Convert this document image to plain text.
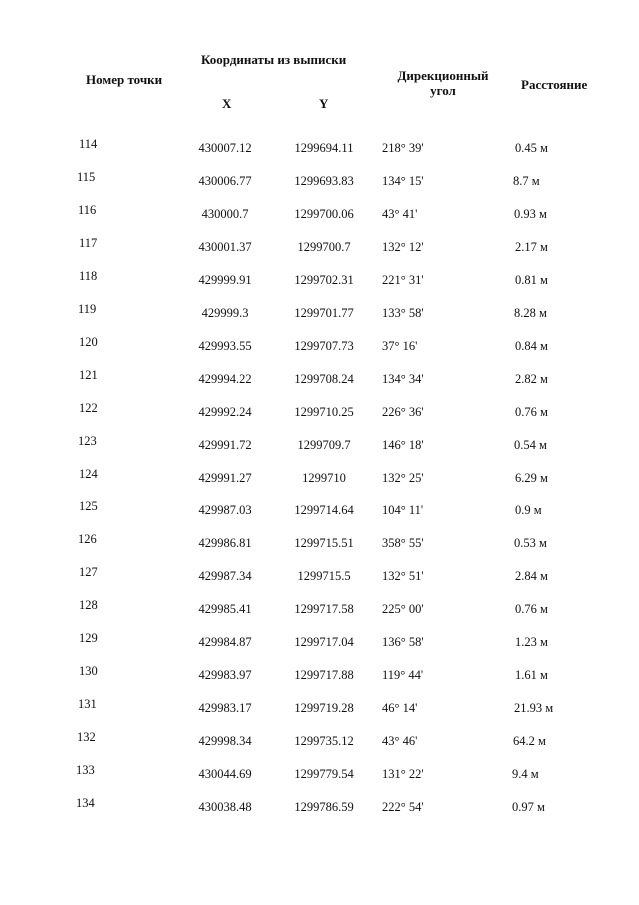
Номер точки
Координаты из выписки
X	Y
Дирекционный угол	Расстояние
114	430007.12	1299694.11	218° 39'	0.45 м
115	430006.77	1299693.83	134° 15'	8.7 м
116	430000.7	1299700.06	43° 41'	0.93 м
117	430001.37	1299700.7	132° 12'	2.17 м
118	429999.91	1299702.31	221° 31'	0.81 м
119	429999.3	1299701.77	133° 58'	8.28 м
120	429993.55	1299707.73	37° 16'	0.84 м
121	429994.22	1299708.24	134° 34'	2.82 м
122	429992.24	1299710.25	226° 36'	0.76 м
123	429991.72	1299709.7	146° 18'	0.54 м
124	429991.27	1299710	132° 25'	6.29 м
125	429987.03	1299714.64	104° 11'	0.9 м
126	429986.81	1299715.51	358° 55'	0.53 м
127	429987.34	1299715.5	132° 51'	2.84 м
128	429985.41	1299717.58	225° 00'	0.76 м
129	429984.87	1299717.04	136° 58'	1.23 м
130	429983.97	1299717.88	119° 44'	1.61 м
131	429983.17	1299719.28	46° 14'	21.93 м
132	429998.34	1299735.12	43° 46'	64.2 м
133	430044.69	1299779.54	131° 22'	9.4 м
134	430038.48	1299786.59	222° 54'	0.97 м
